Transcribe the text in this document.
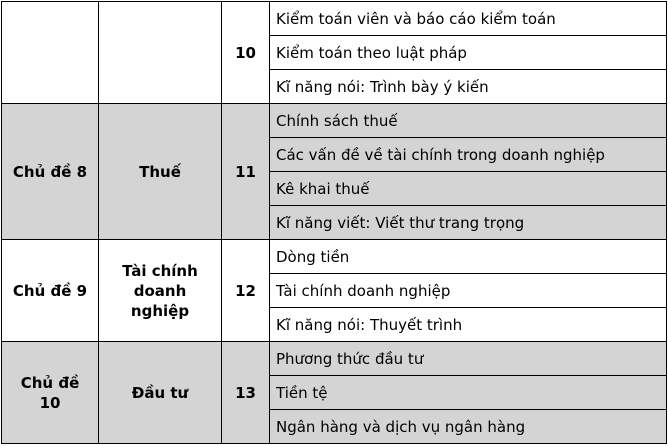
		10	Kiểm toán viên và báo cáo kiểm toán
			Kiểm toán theo luật pháp
			Kĩ năng nói: Trình bày ý kiến
Chủ đề 8	Thuế	11	Chính sách thuế
			Các vấn đề về tài chính trong doanh nghiệp
			Kê khai thuế
			Kĩ năng viết: Viết thư trang trọng
Chủ đề 9	Tài chính doanh nghiệp	12	Dòng tiền
			Tài chính doanh nghiệp
			Kĩ năng nói: Thuyết trình

Chủ đề 10	Đầu tư	13	Phương thức đầu tư
			Tiền tệ
			Ngân hàng và dịch vụ ngân hàng
